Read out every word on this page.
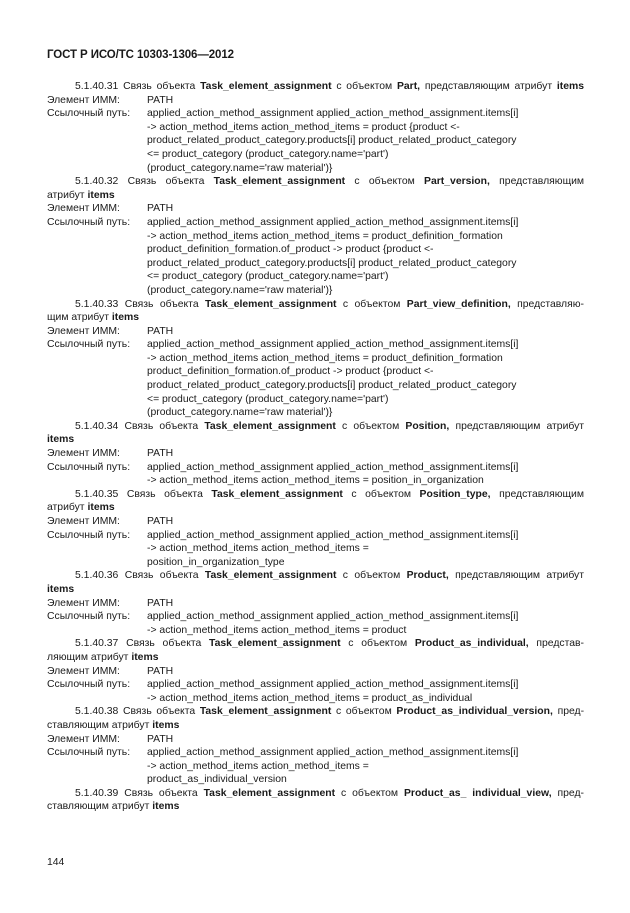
ГОСТ Р ИСО/ТС 10303-1306—2012
5.1.40.31 Связь объекта Task_element_assignment с объектом Part, представляющим атрибут items
Элемент ИММ:	PATH
Ссылочный путь:	applied_action_method_assignment applied_action_method_assignment.items[i]
-> action_method_items action_method_items = product {product <-
product_related_product_category.products[i] product_related_product_category
<= product_category (product_category.name='part')
(product_category.name='raw material')}
5.1.40.32 Связь объекта Task_element_assignment с объектом Part_version, представляющим
атрибут items
Элемент ИММ:	PATH
Ссылочный путь:	applied_action_method_assignment applied_action_method_assignment.items[i]
-> action_method_items action_method_items = product_definition_formation
product_definition_formation.of_product -> product {product <-
product_related_product_category.products[i] product_related_product_category
<= product_category (product_category.name='part')
(product_category.name='raw material')}
5.1.40.33 Связь объекта Task_element_assignment с объектом Part_view_definition, представляю-
щим атрибут items
Элемент ИММ:	PATH
Ссылочный путь:	applied_action_method_assignment applied_action_method_assignment.items[i]
-> action_method_items action_method_items = product_definition_formation
product_definition_formation.of_product -> product {product <-
product_related_product_category.products[i] product_related_product_category
<= product_category (product_category.name='part')
(product_category.name='raw material')}
5.1.40.34 Связь объекта Task_element_assignment с объектом Position, представляющим атрибут
items
Элемент ИММ:	PATH
Ссылочный путь:	applied_action_method_assignment applied_action_method_assignment.items[i]
-> action_method_items action_method_items = position_in_organization
5.1.40.35 Связь объекта Task_element_assignment с объектом Position_type, представляющим
атрибут items
Элемент ИММ:	PATH
Ссылочный путь:	applied_action_method_assignment applied_action_method_assignment.items[i]
-> action_method_items action_method_items =
position_in_organization_type
5.1.40.36 Связь объекта Task_element_assignment с объектом Product, представляющим атрибут
items
Элемент ИММ:	PATH
Ссылочный путь:	applied_action_method_assignment applied_action_method_assignment.items[i]
-> action_method_items action_method_items = product
5.1.40.37 Связь объекта Task_element_assignment с объектом Product_as_individual, представ-
ляющим атрибут items
Элемент ИММ:	PATH
Ссылочный путь:	applied_action_method_assignment applied_action_method_assignment.items[i]
-> action_method_items action_method_items = product_as_individual
5.1.40.38 Связь объекта Task_element_assignment с объектом Product_as_individual_version, пред-
ставляющим атрибут items
Элемент ИММ:	PATH
Ссылочный путь:	applied_action_method_assignment applied_action_method_assignment.items[i]
-> action_method_items action_method_items =
product_as_individual_version
5.1.40.39 Связь объекта Task_element_assignment с объектом Product_as_ individual_view, пред-
ставляющим атрибут items
144
